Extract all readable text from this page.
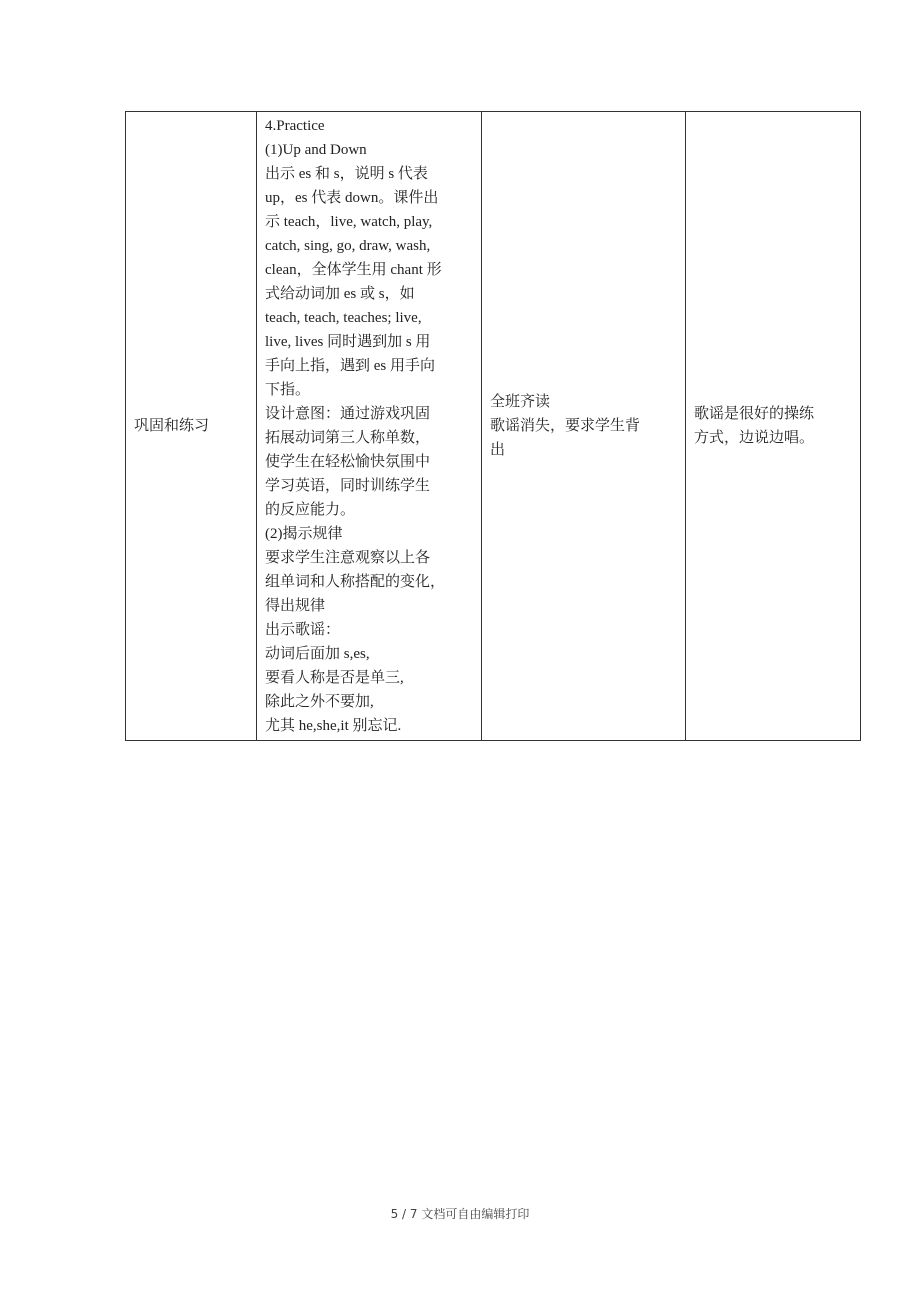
巩固和练习

4.Practice
(1)Up and Down
出示 es 和 s，说明 s 代表
up，es 代表 down。课件出
示 teach，live, watch, play,
catch, sing, go, draw, wash,
clean，全体学生用 chant 形
式给动词加 es 或 s，如
teach, teach, teaches; live,
live, lives 同时遇到加 s 用
手向上指，遇到 es 用手向
下指。
设计意图：通过游戏巩固
拓展动词第三人称单数，
使学生在轻松愉快氛围中
学习英语，同时训练学生
的反应能力。
(2)揭示规律
要求学生注意观察以上各
组单词和人称搭配的变化，
得出规律
出示歌谣：
动词后面加 s,es,
要看人称是否是单三,
除此之外不要加,
尤其 he,she,it 别忘记.

全班齐读
歌谣消失，要求学生背
出

歌谣是很好的操练
方式，边说边唱。
5 / 7 文档可自由编辑打印
